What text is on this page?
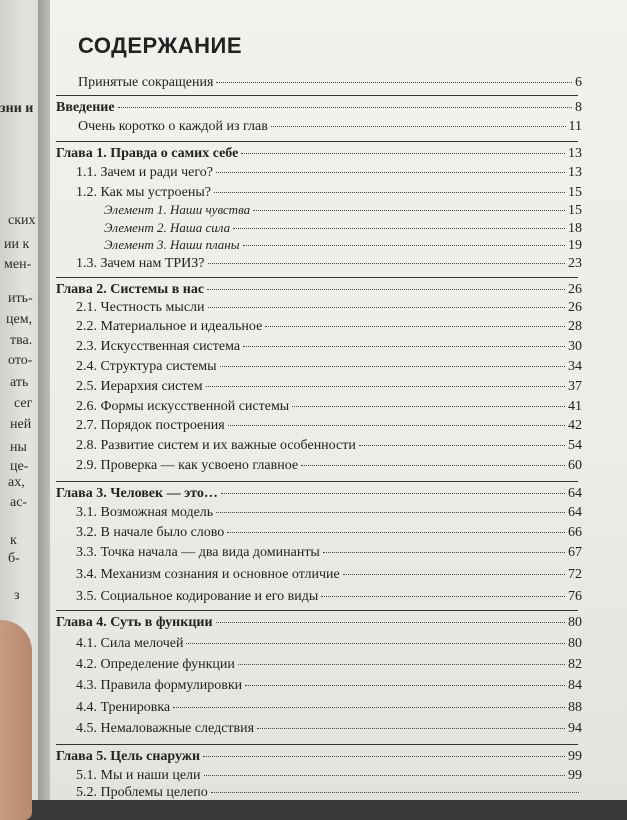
зни и
ских
ии к
мен-
ить-
цем,
тва.
ото-
ать
сег
ней
ны
це-
ах,
ас-
к
б-
з
СОДЕРЖАНИЕ
Принятые сокращения	6
Введение	8
Очень коротко о каждой из глав	11
Глава 1. Правда о самих себе	13
1.1. Зачем и ради чего?	13
1.2. Как мы устроены?	15
Элемент 1. Наши чувства	15
Элемент 2. Наша сила	18
Элемент 3. Наши планы	19
1.3. Зачем нам ТРИЗ?	23
Глава 2. Системы в нас	26
2.1. Честность мысли	26
2.2. Материальное и идеальное	28
2.3. Искусственная система	30
2.4. Структура системы	34
2.5. Иерархия систем	37
2.6. Формы искусственной системы	41
2.7. Порядок построения	42
2.8. Развитие систем и их важные особенности	54
2.9. Проверка — как усвоено главное	60
Глава 3. Человек — это…	64
3.1. Возможная модель	64
3.2. В начале было слово	66
3.3. Точка начала — два вида доминанты	67
3.4. Механизм сознания и основное отличие	72
3.5. Социальное кодирование и его виды	76
Глава 4. Суть в функции	80
4.1. Сила мелочей	80
4.2. Определение функции	82
4.3. Правила формулировки	84
4.4. Тренировка	88
4.5. Немаловажные следствия	94
Глава 5. Цель снаружи	99
5.1. Мы и наши цели	99
5.2. Проблемы целепо
